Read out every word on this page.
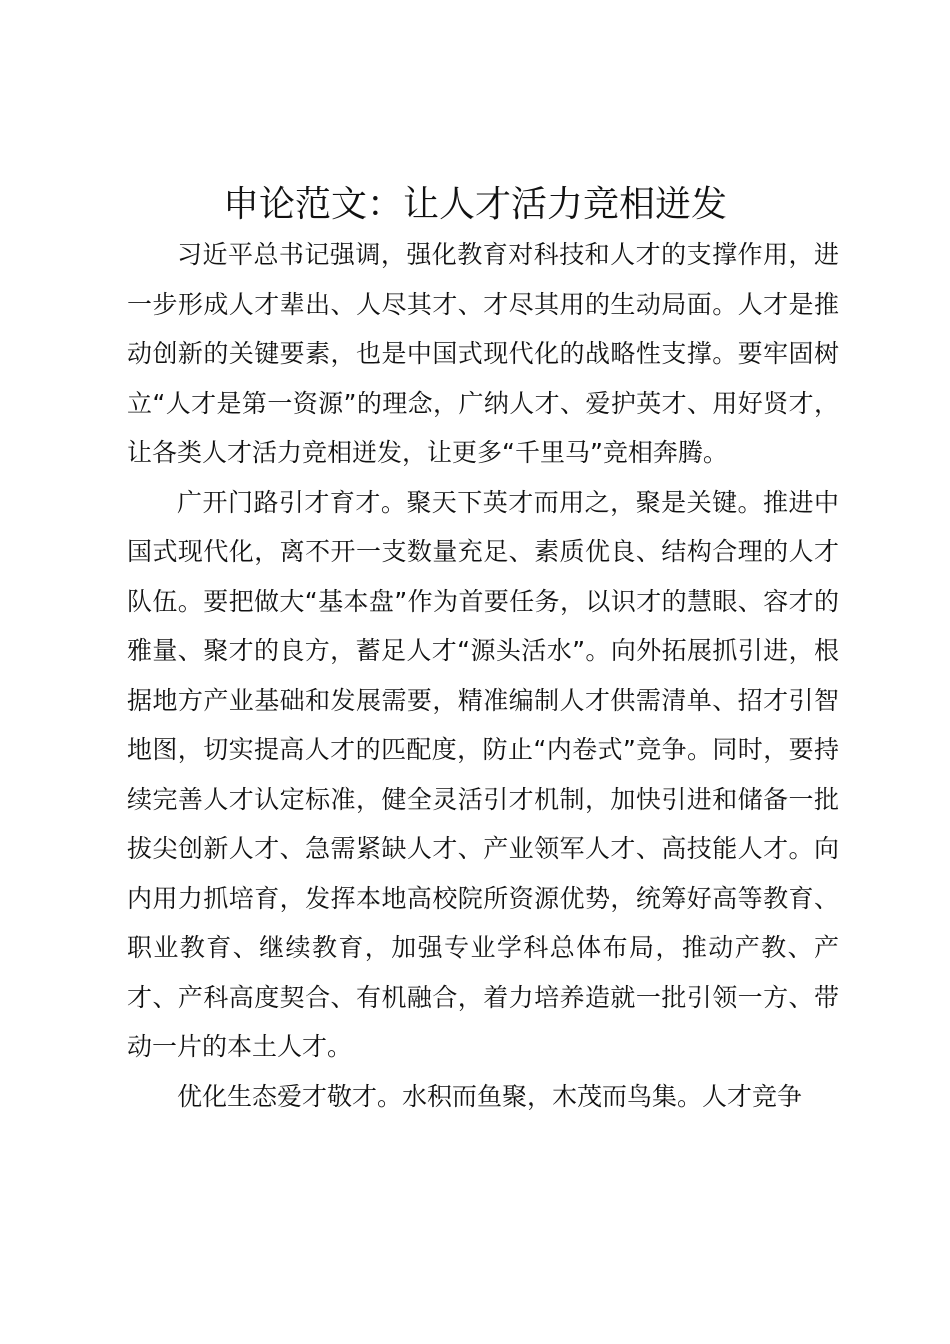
申论范文：让人才活力竞相迸发

习近平总书记强调，强化教育对科技和人才的支撑作用，进一步形成人才辈出、人尽其才、才尽其用的生动局面。人才是推动创新的关键要素，也是中国式现代化的战略性支撑。要牢固树立“人才是第一资源”的理念，广纳人才、爱护英才、用好贤才，让各类人才活力竞相迸发，让更多“千里马”竞相奔腾。

广开门路引才育才。聚天下英才而用之，聚是关键。推进中国式现代化，离不开一支数量充足、素质优良、结构合理的人才队伍。要把做大“基本盘”作为首要任务，以识才的慧眼、容才的雅量、聚才的良方，蓄足人才“源头活水”。向外拓展抓引进，根据地方产业基础和发展需要，精准编制人才供需清单、招才引智地图，切实提高人才的匹配度，防止“内卷式”竞争。同时，要持续完善人才认定标准，健全灵活引才机制，加快引进和储备一批拔尖创新人才、急需紧缺人才、产业领军人才、高技能人才。向内用力抓培育，发挥本地高校院所资源优势，统筹好高等教育、职业教育、继续教育，加强专业学科总体布局，推动产教、产才、产科高度契合、有机融合，着力培养造就一批引领一方、带动一片的本土人才。

优化生态爱才敬才。水积而鱼聚，木茂而鸟集。人才竞争
